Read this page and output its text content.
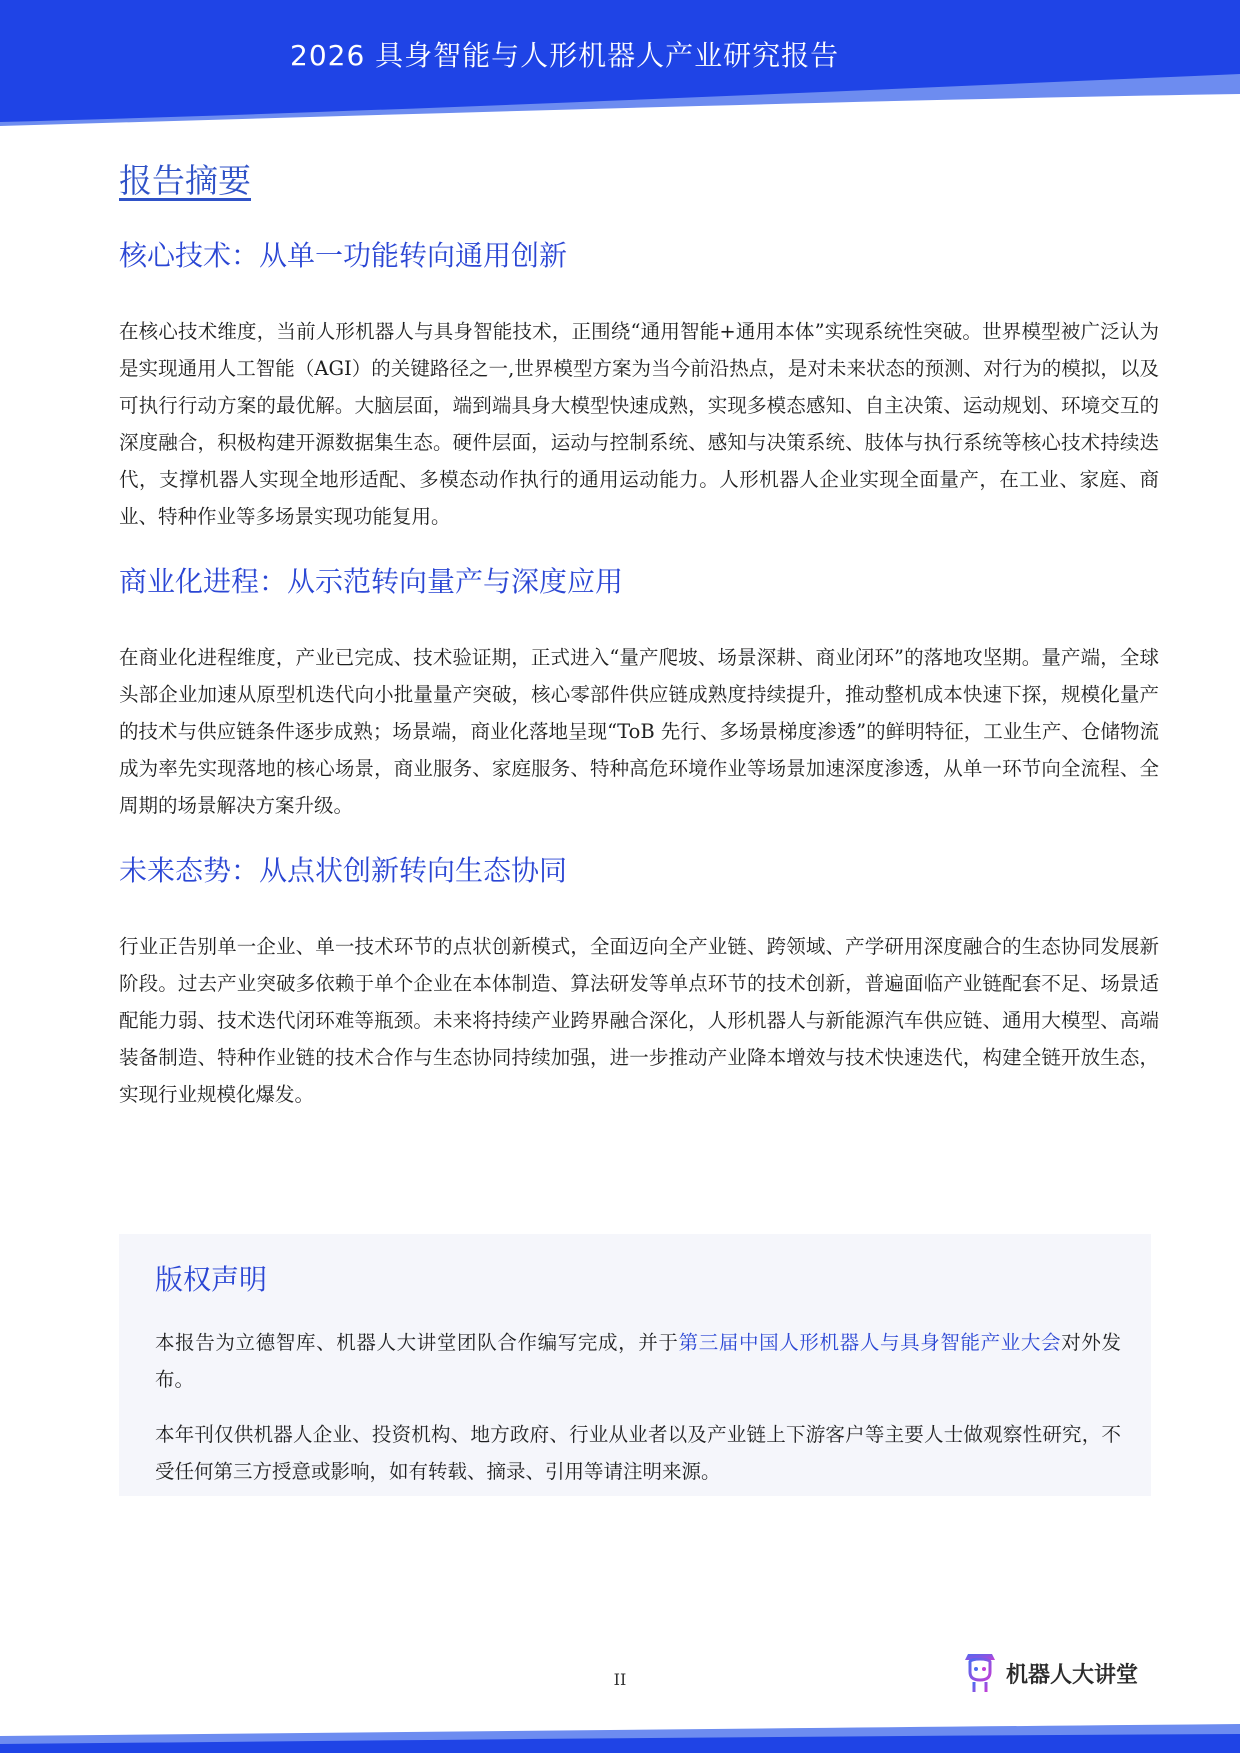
2026 具身智能与人形机器人产业研究报告
报告摘要
核心技术：从单一功能转向通用创新

在核心技术维度，当前人形机器人与具身智能技术，正围绕“通用智能+通用本体”实现系统性突破。世界模型被广泛认为是实现通用人工智能（AGI）的关键路径之一,世界模型方案为当今前沿热点，是对未来状态的预测、对行为的模拟，以及可执行行动方案的最优解。大脑层面，端到端具身大模型快速成熟，实现多模态感知、自主决策、运动规划、环境交互的深度融合，积极构建开源数据集生态。硬件层面，运动与控制系统、感知与决策系统、肢体与执行系统等核心技术持续迭代，支撑机器人实现全地形适配、多模态动作执行的通用运动能力。人形机器人企业实现全面量产，在工业、家庭、商业、特种作业等多场景实现功能复用。

商业化进程：从示范转向量产与深度应用

在商业化进程维度，产业已完成、技术验证期，正式进入“量产爬坡、场景深耕、商业闭环”的落地攻坚期。量产端，全球头部企业加速从原型机迭代向小批量量产突破，核心零部件供应链成熟度持续提升，推动整机成本快速下探，规模化量产的技术与供应链条件逐步成熟；场景端，商业化落地呈现“ToB 先行、多场景梯度渗透”的鲜明特征，工业生产、仓储物流成为率先实现落地的核心场景，商业服务、家庭服务、特种高危环境作业等场景加速深度渗透，从单一环节向全流程、全周期的场景解决方案升级。

未来态势：从点状创新转向生态协同

行业正告别单一企业、单一技术环节的点状创新模式，全面迈向全产业链、跨领域、产学研用深度融合的生态协同发展新阶段。过去产业突破多依赖于单个企业在本体制造、算法研发等单点环节的技术创新，普遍面临产业链配套不足、场景适配能力弱、技术迭代闭环难等瓶颈。未来将持续产业跨界融合深化，人形机器人与新能源汽车供应链、通用大模型、高端装备制造、特种作业链的技术合作与生态协同持续加强，进一步推动产业降本增效与技术快速迭代，构建全链开放生态，实现行业规模化爆发。

版权声明

本报告为立德智库、机器人大讲堂团队合作编写完成，并于第三届中国人形机器人与具身智能产业大会对外发布。

本年刊仅供机器人企业、投资机构、地方政府、行业从业者以及产业链上下游客户等主要人士做观察性研究，不受任何第三方授意或影响，如有转载、摘录、引用等请注明来源。

II	机器人大讲堂
